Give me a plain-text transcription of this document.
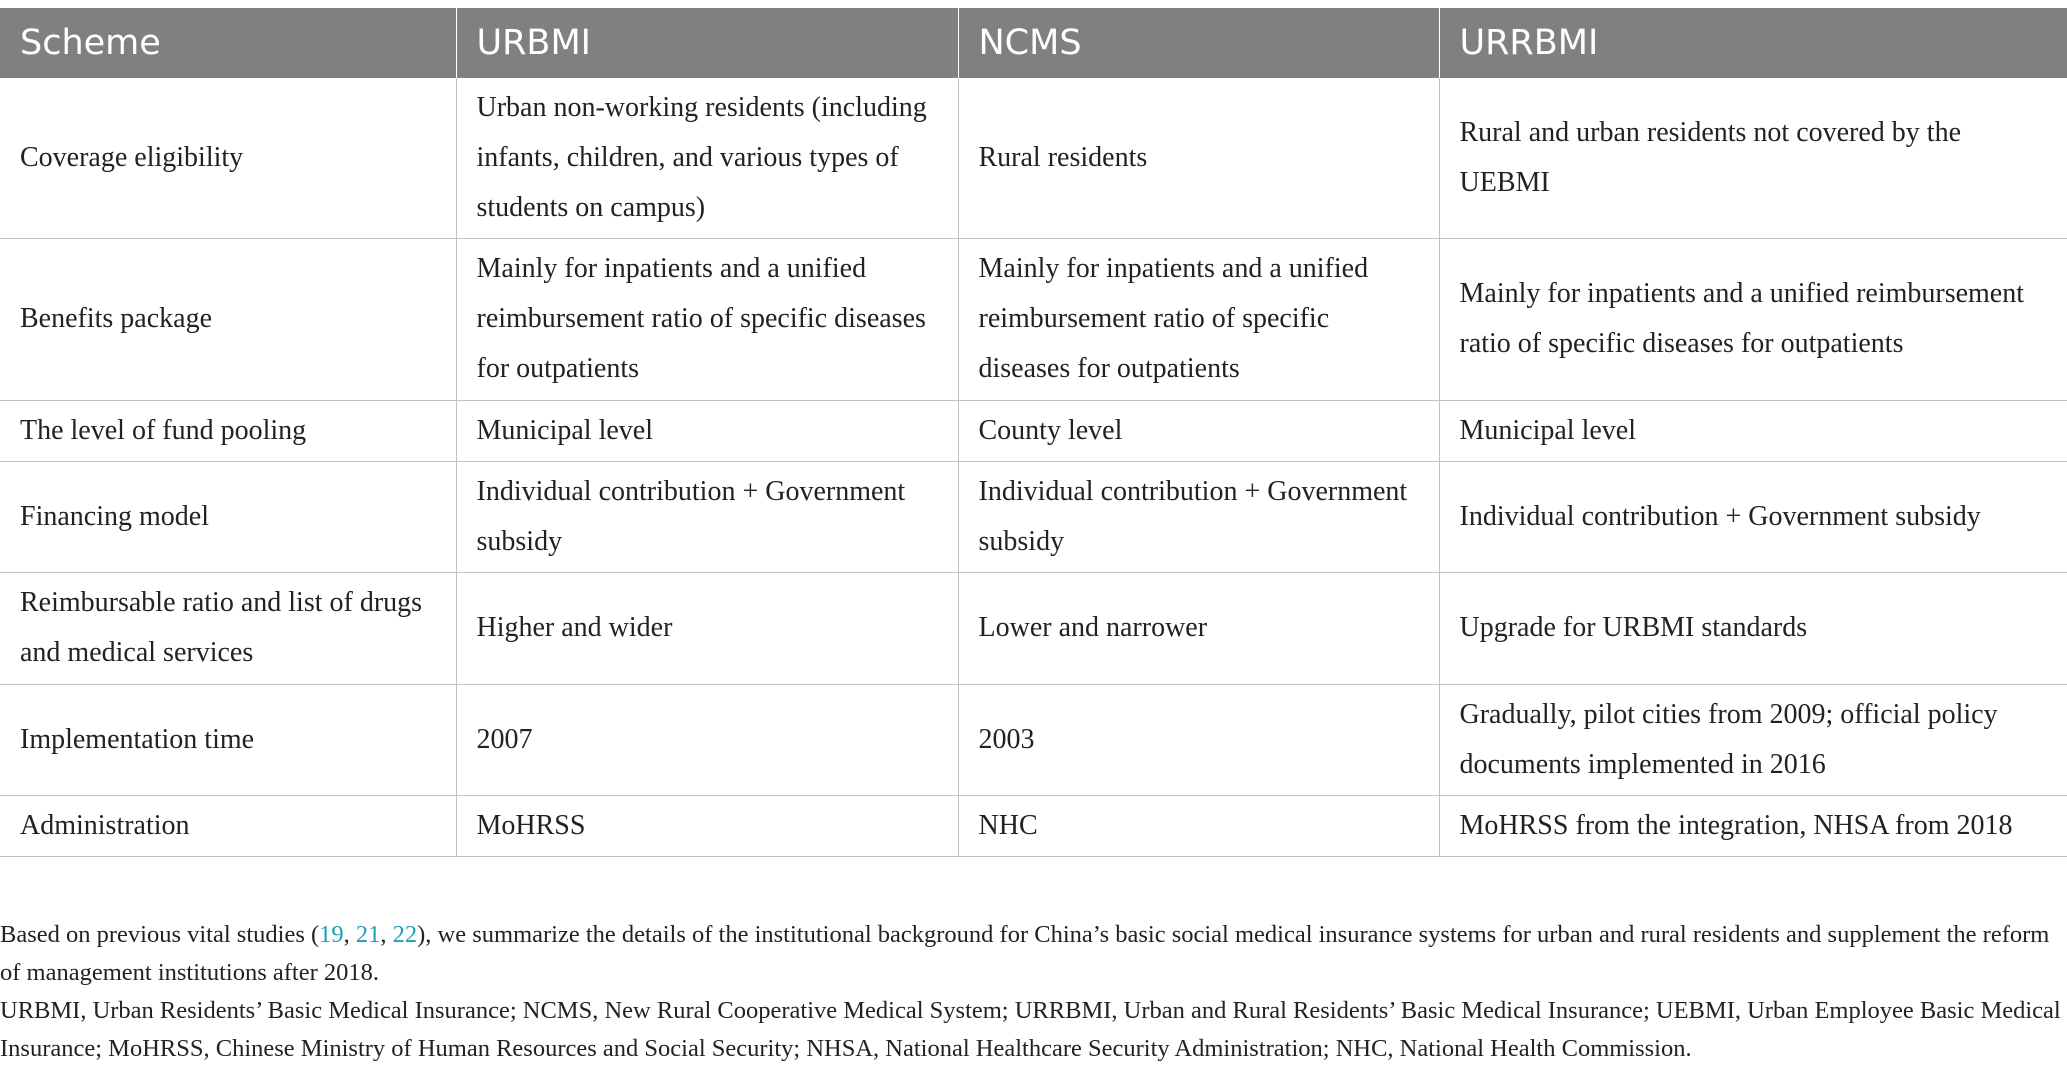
Scheme	URBMI	NCMS	URRBMI
Coverage eligibility	Urban non-working residents (including infants, children, and various types of students on campus)	Rural residents	Rural and urban residents not covered by the UEBMI
Benefits package	Mainly for inpatients and a unified reimbursement ratio of specific diseases for outpatients	Mainly for inpatients and a unified reimbursement ratio of specific diseases for outpatients	Mainly for inpatients and a unified reimbursement ratio of specific diseases for outpatients
The level of fund pooling	Municipal level	County level	Municipal level
Financing model	Individual contribution + Government subsidy	Individual contribution + Government subsidy	Individual contribution + Government subsidy
Reimbursable ratio and list of drugs and medical services	Higher and wider	Lower and narrower	Upgrade for URBMI standards
Implementation time	2007	2003	Gradually, pilot cities from 2009; official policy documents implemented in 2016
Administration	MoHRSS	NHC	MoHRSS from the integration, NHSA from 2018

Based on previous vital studies (19, 21, 22), we summarize the details of the institutional background for China’s basic social medical insurance systems for urban and rural residents and supplement the reform of management institutions after 2018.

URBMI, Urban Residents’ Basic Medical Insurance; NCMS, New Rural Cooperative Medical System; URRBMI, Urban and Rural Residents’ Basic Medical Insurance; UEBMI, Urban Employee Basic Medical Insurance; MoHRSS, Chinese Ministry of Human Resources and Social Security; NHSA, National Healthcare Security Administration; NHC, National Health Commission.
